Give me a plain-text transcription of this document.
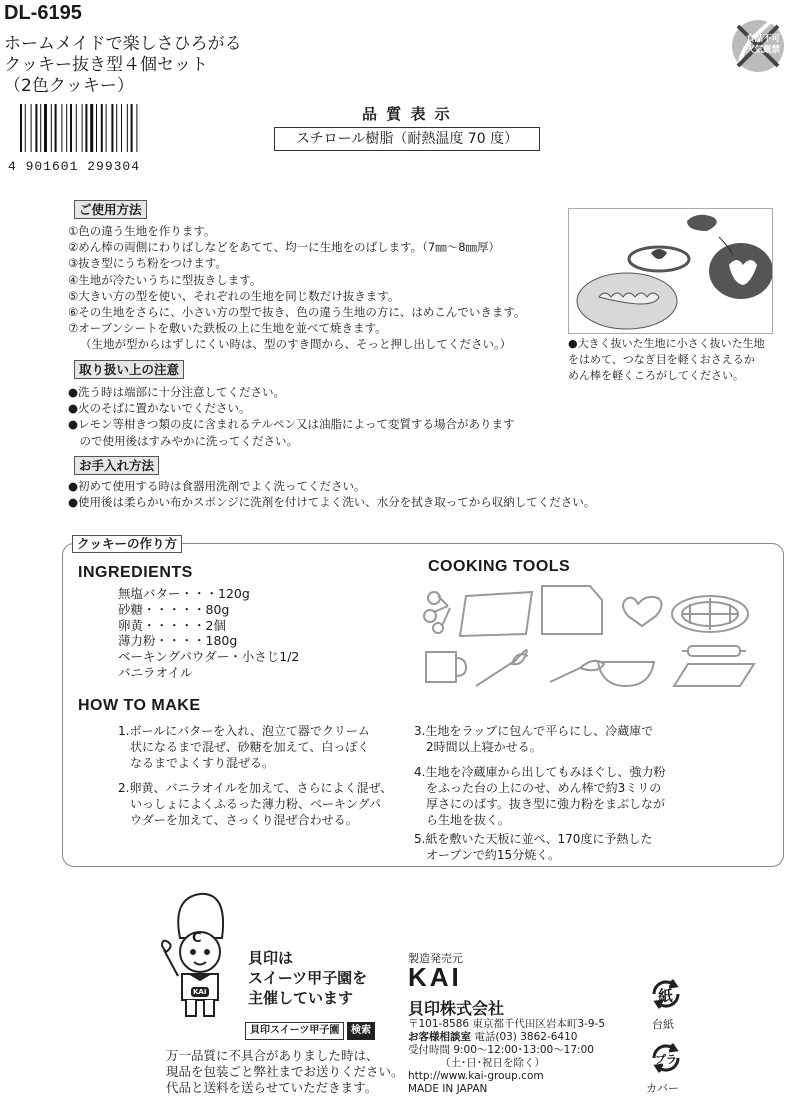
DL-6195
ホームメイドで楽しさひろがる
クッキー抜き型４個セット
（2色クッキー）
食品不可
火気厳禁
4 901601 299304
品 質 表 示
スチロール樹脂（耐熱温度 70 度）
ご使用方法
①色の違う生地を作ります。
②めん棒の両側にわりばしなどをあてて、均一に生地をのばします。（7㎜〜8㎜厚）
③抜き型にうち粉をつけます。
④生地が冷たいうちに型抜きします。
⑤大きい方の型を使い、それぞれの生地を同じ数だけ抜きます。
⑥その生地をさらに、小さい方の型で抜き、色の違う生地の方に、はめこんでいきます。
⑦オーブンシートを敷いた鉄板の上に生地を並べて焼きます。
（生地が型からはずしにくい時は、型のすき間から、そっと押し出してください。）	●大きく抜いた生地に小さく抜いた生地
をはめて、つなぎ目を軽くおさえるか
めん棒を軽くころがしてください。
取り扱い上の注意
●洗う時は端部に十分注意してください。
●火のそばに置かないでください。
●レモン等柑きつ類の皮に含まれるテルペン又は油脂によって変質する場合があります
　ので使用後はすみやかに洗ってください。
お手入れ方法
●初めて使用する時は食器用洗剤でよく洗ってください。
●使用後は柔らかい布かスポンジに洗剤を付けてよく洗い、水分を拭き取ってから収納してください。
クッキーの作り方
INGREDIENTS
無塩バター・・・120g
砂糖・・・・・80g
卵黄・・・・・2個
薄力粉・・・・180g
ベーキングパウダー・小さじ1/2
バニラオイル
COOKING TOOLS
HOW TO MAKE
1.ボールにバターを入れ、泡立て器でクリーム
　状になるまで混ぜ、砂糖を加えて、白っぽく
　なるまでよくすり混ぜる。
2.卵黄、バニラオイルを加えて、さらによく混ぜ、
　いっしょによくふるった薄力粉、ベーキングパ
　ウダーを加えて、さっくり混ぜ合わせる。
3.生地をラップに包んで平らにし、冷蔵庫で
　2時間以上寝かせる。
4.生地を冷蔵庫から出してもみほぐし、強力粉
　をふった台の上にのせ、めん棒で約3ミリの
　厚さにのばす。抜き型に強力粉をまぶしなが
　ら生地を抜く。
5.紙を敷いた天板に並べ、170度に予熱した
　オーブンで約15分焼く。
C
KAI
貝印は
スイーツ甲子園を
主催しています
貝印スイーツ甲子園	検索
万一品質に不具合がありました時は、
現品を包装ごと弊社までお送りください。
代品と送料を送らせていただきます。
製造発売元
KAI
貝印株式会社
〒101-8586 東京都千代田区岩本町3-9-5
お客様相談室 電話(03) 3862-6410
受付時間 9:00〜12:00･13:00〜17:00
（土･日･祝日を除く）
http://www.kai-group.com
MADE IN JAPAN
紙
台紙
プラ
カバー
